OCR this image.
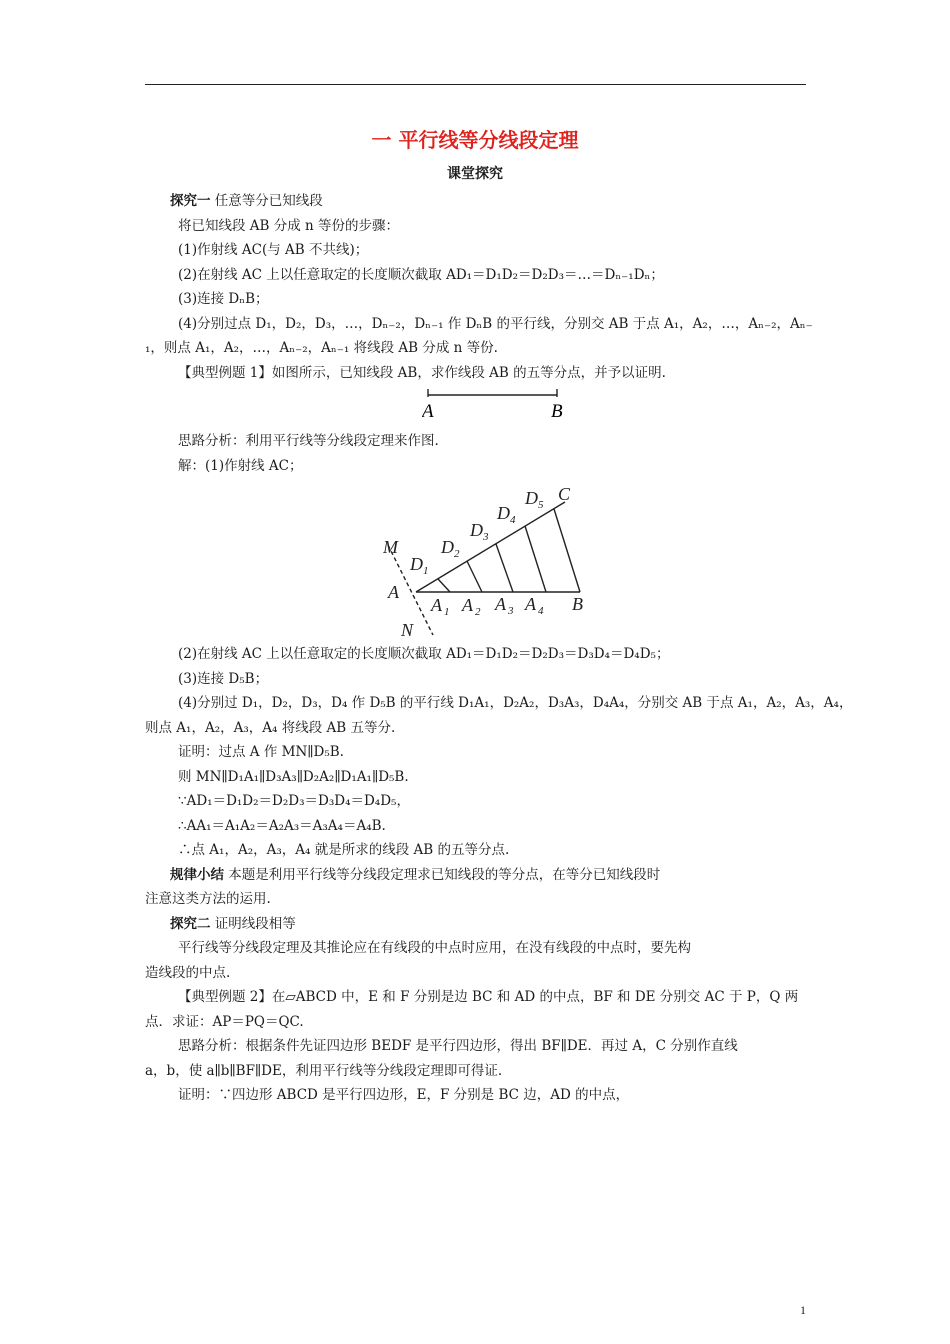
一 平行线等分线段定理
课堂探究

探究一 任意等分已知线段

将已知线段 AB 分成 n 等份的步骤：

(1)作射线 AC(与 AB 不共线)；

(2)在射线 AC 上以任意取定的长度顺次截取 AD₁＝D₁D₂＝D₂D₃＝…＝Dₙ₋₁Dₙ；

(3)连接 DₙB；

(4)分别过点 D₁，D₂，D₃，…，Dₙ₋₂，Dₙ₋₁ 作 DₙB 的平行线，分别交 AB 于点 A₁，A₂，…，Aₙ₋₂，Aₙ₋

₁，则点 A₁，A₂，…，Aₙ₋₂，Aₙ₋₁ 将线段 AB 分成 n 等份.

【典型例题 1】如图所示，已知线段 AB，求作线段 AB 的五等分点，并予以证明.

A	B

思路分析：利用平行线等分线段定理来作图.

解：(1)作射线 AC；

M
N
A
B
C
D 1
D 2
D 3
D 4
D 5
A 1 A 2 A 3 A 4

(2)在射线 AC 上以任意取定的长度顺次截取 AD₁＝D₁D₂＝D₂D₃＝D₃D₄＝D₄D₅；

(3)连接 D₅B；

(4)分别过 D₁，D₂，D₃，D₄ 作 D₅B 的平行线 D₁A₁，D₂A₂，D₃A₃，D₄A₄，分别交 AB 于点 A₁，A₂，A₃，A₄，

则点 A₁，A₂，A₃，A₄ 将线段 AB 五等分.

证明：过点 A 作 MN∥D₅B.

则 MN∥D₁A₁∥D₃A₃∥D₂A₂∥D₁A₁∥D₅B.

∵AD₁＝D₁D₂＝D₂D₃＝D₃D₄＝D₄D₅，

∴AA₁＝A₁A₂＝A₂A₃＝A₃A₄＝A₄B.

∴点 A₁，A₂，A₃，A₄ 就是所求的线段 AB 的五等分点.

规律小结 本题是利用平行线等分线段定理求已知线段的等分点，在等分已知线段时

注意这类方法的运用.

探究二 证明线段相等

平行线等分线段定理及其推论应在有线段的中点时应用，在没有线段的中点时，要先构

造线段的中点.

【典型例题 2】在▱ABCD 中，E 和 F 分别是边 BC 和 AD 的中点，BF 和 DE 分别交 AC 于 P，Q 两

点．求证：AP＝PQ＝QC.

思路分析：根据条件先证四边形 BEDF 是平行四边形，得出 BF∥DE．再过 A，C 分别作直线

a，b，使 a∥b∥BF∥DE，利用平行线等分线段定理即可得证.

证明：∵四边形 ABCD 是平行四边形，E，F 分别是 BC 边，AD 的中点，

1
